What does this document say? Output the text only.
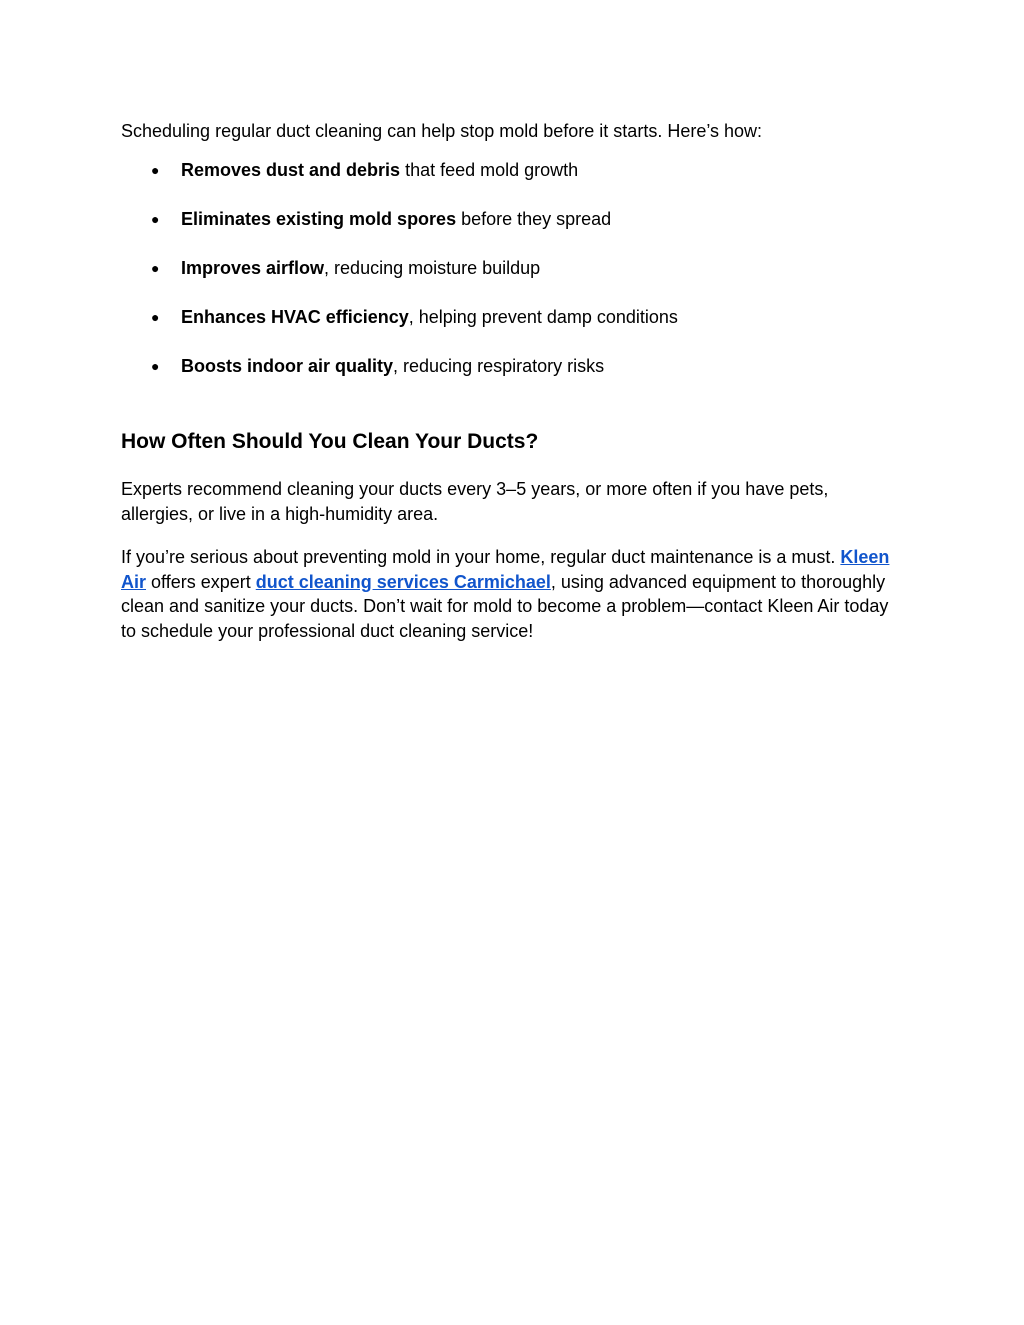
Scheduling regular duct cleaning can help stop mold before it starts. Here’s how:

● Removes dust and debris that feed mold growth
● Eliminates existing mold spores before they spread
● Improves airflow, reducing moisture buildup
● Enhances HVAC efficiency, helping prevent damp conditions
● Boosts indoor air quality, reducing respiratory risks
How Often Should You Clean Your Ducts?

Experts recommend cleaning your ducts every 3–5 years, or more often if you have pets, allergies, or live in a high-humidity area.

If you’re serious about preventing mold in your home, regular duct maintenance is a must. Kleen Air offers expert duct cleaning services Carmichael, using advanced equipment to thoroughly clean and sanitize your ducts. Don’t wait for mold to become a problem—contact Kleen Air today to schedule your professional duct cleaning service!
